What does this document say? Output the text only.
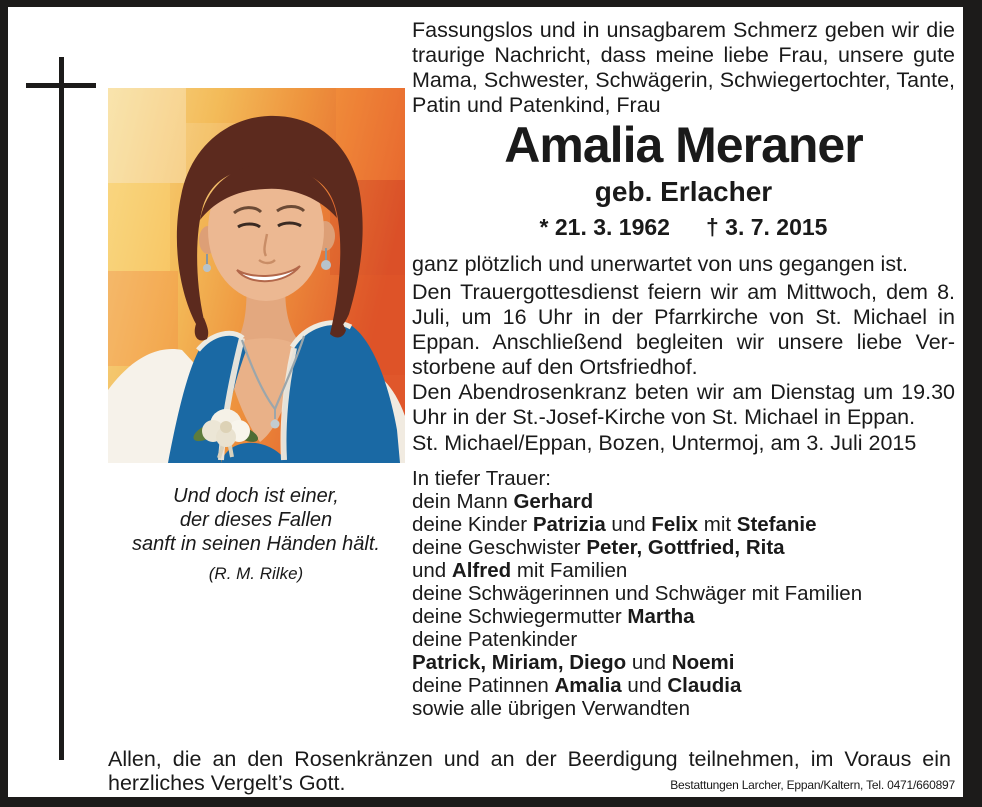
Und doch ist einer,
der dieses Fallen
sanft in seinen Händen hält.
(R. M. Rilke)
Fassungslos und in unsagbarem Schmerz geben wir die traurige Nachricht, dass meine liebe Frau, unsere gute Mama, Schwester, Schwägerin, Schwiegertochter, Tante, Patin und Patenkind, Frau
Amalia Meraner
geb. Erlacher
* 21. 3. 1962 † 3. 7. 2015
ganz plötzlich und unerwartet von uns gegangen ist.
Den Trauergottesdienst feiern wir am Mittwoch, dem 8. Juli, um 16 Uhr in der Pfarrkirche von St. Michael in Eppan. Anschließend begleiten wir unsere liebe Verstorbene auf den Ortsfriedhof.
Den Abendrosenkranz beten wir am Dienstag um 19.30 Uhr in der St.-Josef-Kirche von St. Michael in Eppan.
St. Michael/Eppan, Bozen, Untermoj, am 3. Juli 2015
In tiefer Trauer:
dein Mann Gerhard
deine Kinder Patrizia und Felix mit Stefanie
deine Geschwister Peter, Gottfried, Rita
und Alfred mit Familien
deine Schwägerinnen und Schwäger mit Familien
deine Schwiegermutter Martha
deine Patenkinder
Patrick, Miriam, Diego und Noemi
deine Patinnen Amalia und Claudia
sowie alle übrigen Verwandten
Allen, die an den Rosenkränzen und an der Beerdigung teilnehmen, im Voraus ein herzliches Vergelt’s Gott.	Bestattungen Larcher, Eppan/Kaltern, Tel. 0471/660897
